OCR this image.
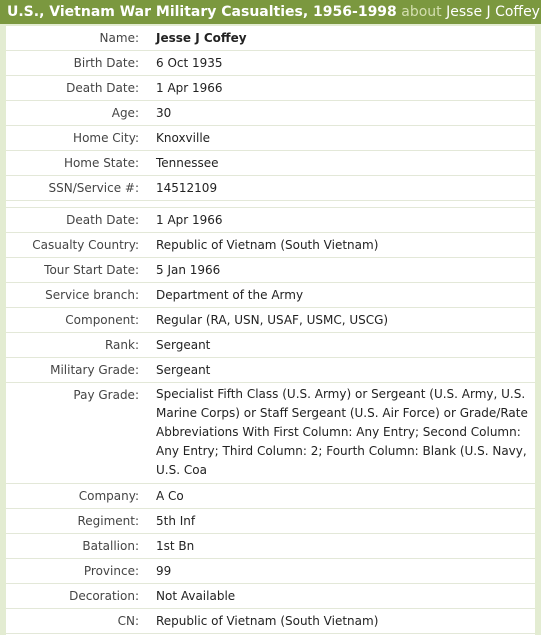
U.S., Vietnam War Military Casualties, 1956-1998 about Jesse J Coffey
Name:	Jesse J Coffey
Birth Date:	6 Oct 1935
Death Date:	1 Apr 1966
Age:	30
Home City:	Knoxville
Home State:	Tennessee
SSN/Service #:	14512109
Death Date:	1 Apr 1966
Casualty Country:	Republic of Vietnam (South Vietnam)
Tour Start Date:	5 Jan 1966
Service branch:	Department of the Army
Component:	Regular (RA, USN, USAF, USMC, USCG)
Rank:	Sergeant
Military Grade:	Sergeant
Pay Grade:	Specialist Fifth Class (U.S. Army) or Sergeant (U.S. Army, U.S. Marine Corps) or Staff Sergeant (U.S. Air Force) or Grade/Rate Abbreviations With First Column: Any Entry; Second Column: Any Entry; Third Column: 2; Fourth Column: Blank (U.S. Navy, U.S. Coa
Company:	A Co
Regiment:	5th Inf
Batallion:	1st Bn
Province:	99
Decoration:	Not Available
CN:	Republic of Vietnam (South Vietnam)
